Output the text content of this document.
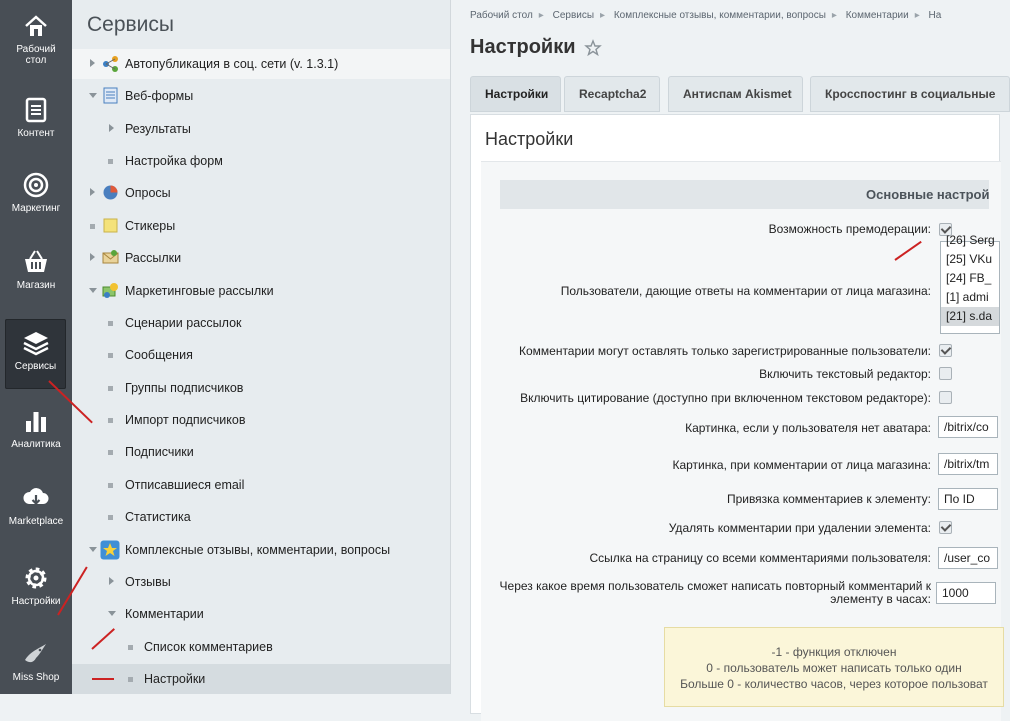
Рабочий
стол
Контент
Маркетинг
Магазин
Сервисы
Аналитика
Marketplace
Настройки
Miss Shop
Сервисы
Автопубликация в соц. сети (v. 1.3.1)
Веб-формы
Результаты
Настройка форм
Опросы
Стикеры
Рассылки
Маркетинговые рассылки
Сценарии рассылок
Сообщения
Группы подписчиков
Импорт подписчиков
Подписчики
Отписавшиеся email
Статистика
Комплексные отзывы, комментарии, вопросы
Отзывы
Комментарии
Список комментариев
Настройки
Рабочий стол ▸ Сервисы ▸ Комплексные отзывы, комментарии, вопросы ▸ Комментарии ▸ На
Настройки
Настройки	Recaptcha2	Антиспам Akismet	Кросспостинг в социальные
Настройки
Основные настрой
Возможность премодерации:
Пользователи, дающие ответы на комментарии от лица магазина:
[26] Serg
[25] VKu
[24] FB_
[1] admi
[21] s.da
Комментарии могут оставлять только зарегистрированные пользователи:
Включить текстовый редактор:
Включить цитирование (доступно при включенном текстовом редакторе):
Картинка, если у пользователя нет аватара:	/bitrix/co
Картинка, при комментарии от лица магазина:	/bitrix/tm
Привязка комментариев к элементу:	По ID
Удалять комментарии при удалении элемента:
Ссылка на страницу со всеми комментариями пользователя:	/user_co
Через какое время пользователь сможет написать повторный комментарий к
элементу в часах: 1000
-1 - функция отключен
0 - пользователь может написать только один
Больше 0 - количество часов, через которое пользоват
